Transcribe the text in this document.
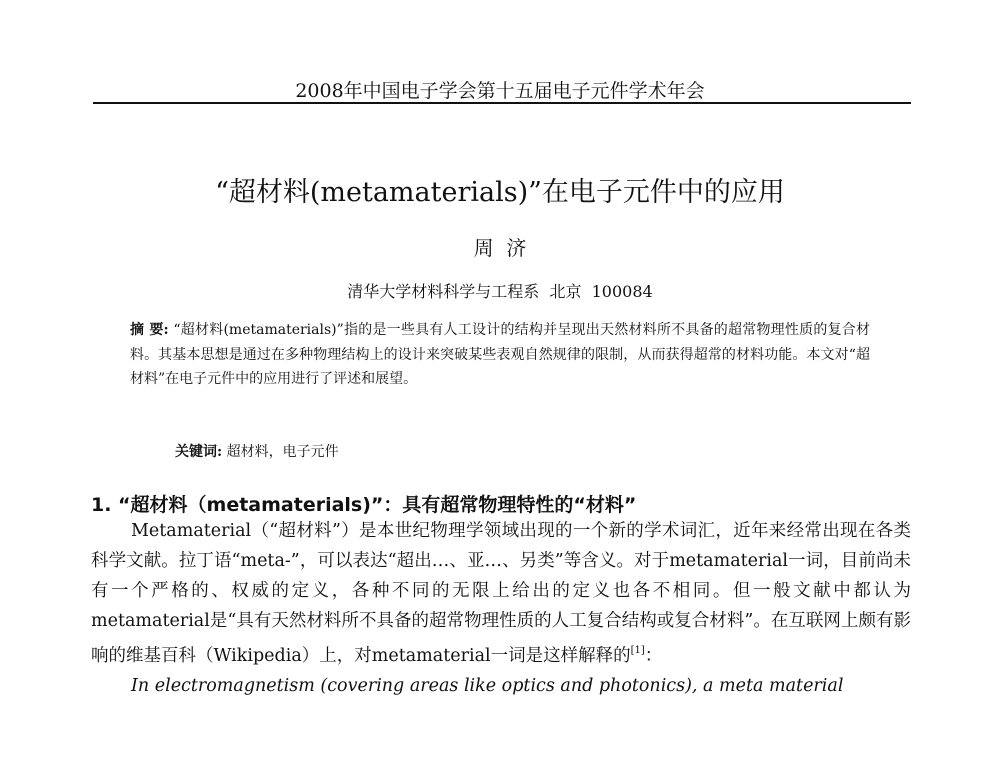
2008年中国电子学会第十五届电子元件学术年会
“超材料(metamaterials)”在电子元件中的应用
周  济
清华大学材料科学与工程系  北京  100084
摘 要: “超材料(metamaterials)”指的是一些具有人工设计的结构并呈现出天然材料所不具备的超常物理性质的复合材料。其基本思想是通过在多种物理结构上的设计来突破某些表观自然规律的限制，从而获得超常的材料功能。本文对“超材料”在电子元件中的应用进行了评述和展望。
关键词: 超材料，电子元件
1. “超材料（metamaterials)”：具有超常物理特性的“材料”

Metamaterial（“超材料”）是本世纪物理学领域出现的一个新的学术词汇，近年来经常出现在各类科学文献。拉丁语“meta-”，可以表达“超出…、亚…、另类”等含义。对于metamaterial一词，目前尚未有一个严格的、权威的定义，各种不同的无限上给出的定义也各不相同。但一般文献中都认为metamaterial是“具有天然材料所不具备的超常物理性质的人工复合结构或复合材料”。在互联网上颇有影响的维基百科（Wikipedia）上，对metamaterial一词是这样解释的[1]：

In electromagnetism (covering areas like optics and photonics), a meta material
